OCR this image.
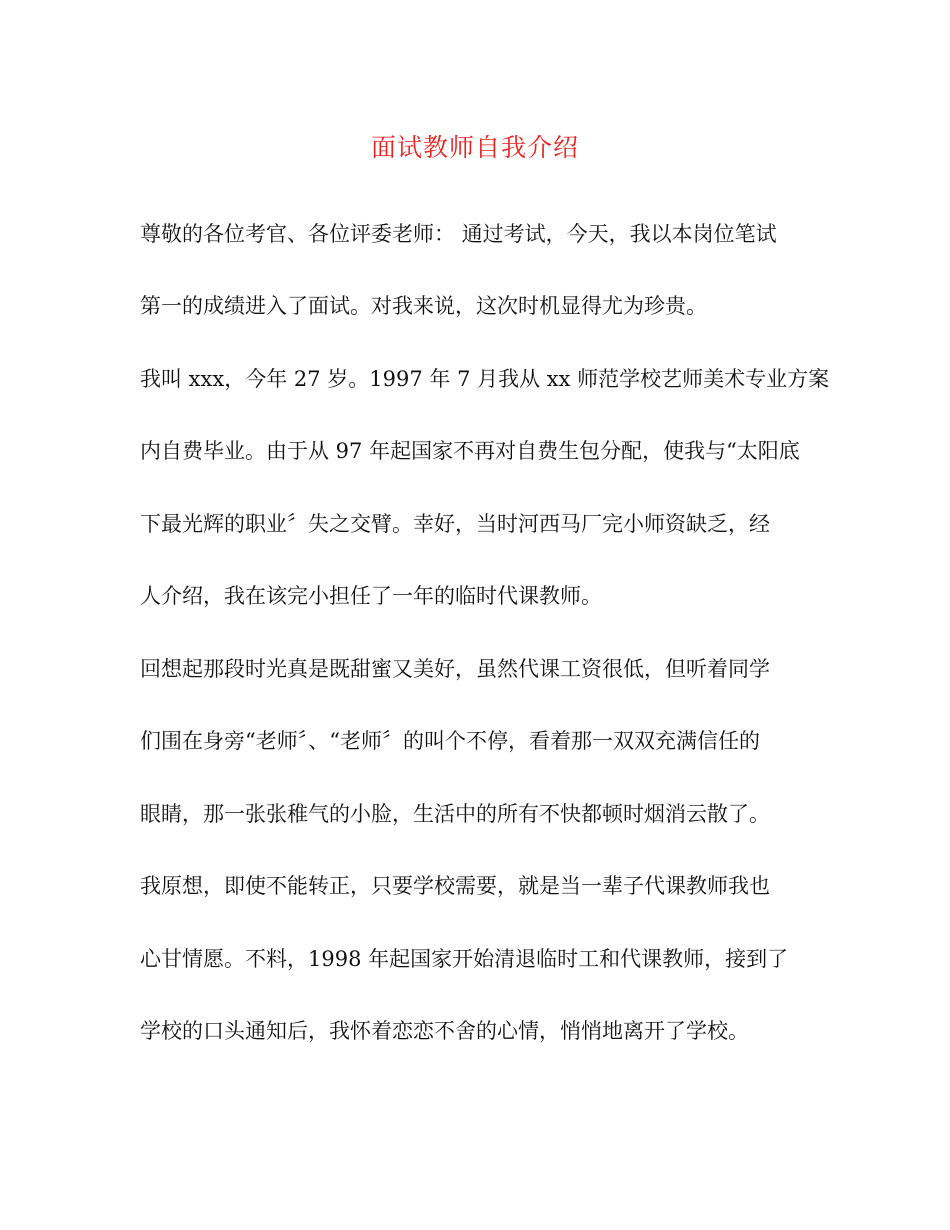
面试教师自我介绍
尊敬的各位考官、各位评委老师： 通过考试，今天，我以本岗位笔试
第一的成绩进入了面试。对我来说，这次时机显得尤为珍贵。
我叫 xxx，今年 27 岁。1997 年 7 月我从 xx 师范学校艺师美术专业方案
内自费毕业。由于从 97 年起国家不再对自费生包分配，使我与“太阳底
下最光辉的职业〞失之交臂。幸好，当时河西马厂完小师资缺乏，经
人介绍，我在该完小担任了一年的临时代课教师。
回想起那段时光真是既甜蜜又美好，虽然代课工资很低，但听着同学
们围在身旁“老师〞、“老师〞的叫个不停，看着那一双双充满信任的
眼睛，那一张张稚气的小脸，生活中的所有不快都顿时烟消云散了。
我原想，即使不能转正，只要学校需要，就是当一辈子代课教师我也
心甘情愿。不料，1998 年起国家开始清退临时工和代课教师，接到了
学校的口头通知后，我怀着恋恋不舍的心情，悄悄地离开了学校。
